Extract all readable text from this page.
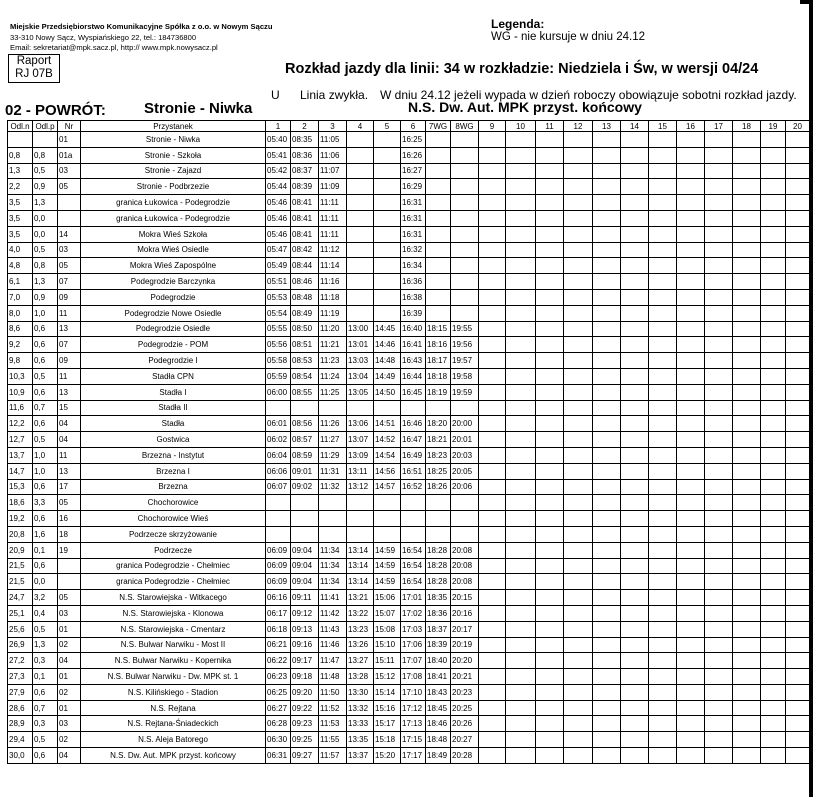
Miejskie Przedsiębiorstwo Komunikacyjne Spółka z o.o. w Nowym Sączu
33-310 Nowy Sącz, Wyspiańskiego 22, tel.: 184736800
Email: sekretariat@mpk.sacz.pl, http:// www.mpk.nowysacz.pl
Legenda:
WG - nie kursuje w dniu 24.12
Raport
RJ 07B	Rozkład jazdy dla linii: 34 w rozkładzie: Niedziela i Św, w wersji 04/24
U Linia zwykła. W dniu 24.12 jeżeli wypada w dzień roboczy obowiązuje sobotni rozkład jazdy.
N.S. Dw. Aut. MPK przyst. końcowy
02 - POWRÓT:	Stronie - Niwka
Odl.n	Odl.p	Nr	Przystanek	1	2	3	4	5	6	7WG	8WG	9	10	11	12	13	14	15	16	17	18	19	20
		01	Stronie - Niwka	05:40	08:35	11:05			16:25														
0,8	0,8	01a	Stronie - Szkoła	05:41	08:36	11:06			16:26														
1,3	0,5	03	Stronie - Zajazd	05:42	08:37	11:07			16:27														
2,2	0,9	05	Stronie - Podbrzezie	05:44	08:39	11:09			16:29														
3,5	1,3		granica Łukowica - Podegrodzie	05:46	08:41	11:11			16:31														
3,5	0,0		granica Łukowica - Podegrodzie	05:46	08:41	11:11			16:31														
3,5	0,0	14	Mokra Wieś Szkoła	05:46	08:41	11:11			16:31														
4,0	0,5	03	Mokra Wieś Osiedle	05:47	08:42	11:12			16:32														
4,8	0,8	05	Mokra Wieś Zapospólne	05:49	08:44	11:14			16:34														
6,1	1,3	07	Podegrodzie Barczynka	05:51	08:46	11:16			16:36														
7,0	0,9	09	Podegrodzie	05:53	08:48	11:18			16:38														
8,0	1,0	11	Podegrodzie Nowe Osiedle	05:54	08:49	11:19			16:39														
8,6	0,6	13	Podegrodzie Osiedle	05:55	08:50	11:20	13:00	14:45	16:40	18:15	19:55												
9,2	0,6	07	Podegrodzie - POM	05:56	08:51	11:21	13:01	14:46	16:41	18:16	19:56												
9,8	0,6	09	Podegrodzie I	05:58	08:53	11:23	13:03	14:48	16:43	18:17	19:57												
10,3	0,5	11	Stadła CPN	05:59	08:54	11:24	13:04	14:49	16:44	18:18	19:58												
10,9	0,6	13	Stadła I	06:00	08:55	11:25	13:05	14:50	16:45	18:19	19:59												
11,6	0,7	15	Stadła II																				
12,2	0,6	04	Stadła	06:01	08:56	11:26	13:06	14:51	16:46	18:20	20:00												
12,7	0,5	04	Gostwica	06:02	08:57	11:27	13:07	14:52	16:47	18:21	20:01												
13,7	1,0	11	Brzezna - Instytut	06:04	08:59	11:29	13:09	14:54	16:49	18:23	20:03												
14,7	1,0	13	Brzezna I	06:06	09:01	11:31	13:11	14:56	16:51	18:25	20:05												
15,3	0,6	17	Brzezna	06:07	09:02	11:32	13:12	14:57	16:52	18:26	20:06												
18,6	3,3	05	Chochorowice																				
19,2	0,6	16	Chochorowice Wieś																				
20,8	1,6	18	Podrzecze skrzyżowanie																				
20,9	0,1	19	Podrzecze	06:09	09:04	11:34	13:14	14:59	16:54	18:28	20:08												
21,5	0,6		granica Podegrodzie - Chełmiec	06:09	09:04	11:34	13:14	14:59	16:54	18:28	20:08												
21,5	0,0		granica Podegrodzie - Chełmiec	06:09	09:04	11:34	13:14	14:59	16:54	18:28	20:08												
24,7	3,2	05	N.S. Starowiejska - Witkacego	06:16	09:11	11:41	13:21	15:06	17:01	18:35	20:15												
25,1	0,4	03	N.S. Starowiejska - Klonowa	06:17	09:12	11:42	13:22	15:07	17:02	18:36	20:16												
25,6	0,5	01	N.S. Starowiejska - Cmentarz	06:18	09:13	11:43	13:23	15:08	17:03	18:37	20:17												
26,9	1,3	02	N.S. Bulwar Narwiku - Most II	06:21	09:16	11:46	13:26	15:10	17:06	18:39	20:19												
27,2	0,3	04	N.S. Bulwar Narwiku - Kopernika	06:22	09:17	11:47	13:27	15:11	17:07	18:40	20:20												
27,3	0,1	01	N.S. Bulwar Narwiku - Dw. MPK st. 1	06:23	09:18	11:48	13:28	15:12	17:08	18:41	20:21												
27,9	0,6	02	N.S. Kilińskiego - Stadion	06:25	09:20	11:50	13:30	15:14	17:10	18:43	20:23												
28,6	0,7	01	N.S. Rejtana	06:27	09:22	11:52	13:32	15:16	17:12	18:45	20:25												
28,9	0,3	03	N.S. Rejtana-Śniadeckich	06:28	09:23	11:53	13:33	15:17	17:13	18:46	20:26												
29,4	0,5	02	N.S. Aleja Batorego	06:30	09:25	11:55	13:35	15:18	17:15	18:48	20:27												
30,0	0,6	04	N.S. Dw. Aut. MPK przyst. końcowy	06:31	09:27	11:57	13:37	15:20	17:17	18:49	20:28												
